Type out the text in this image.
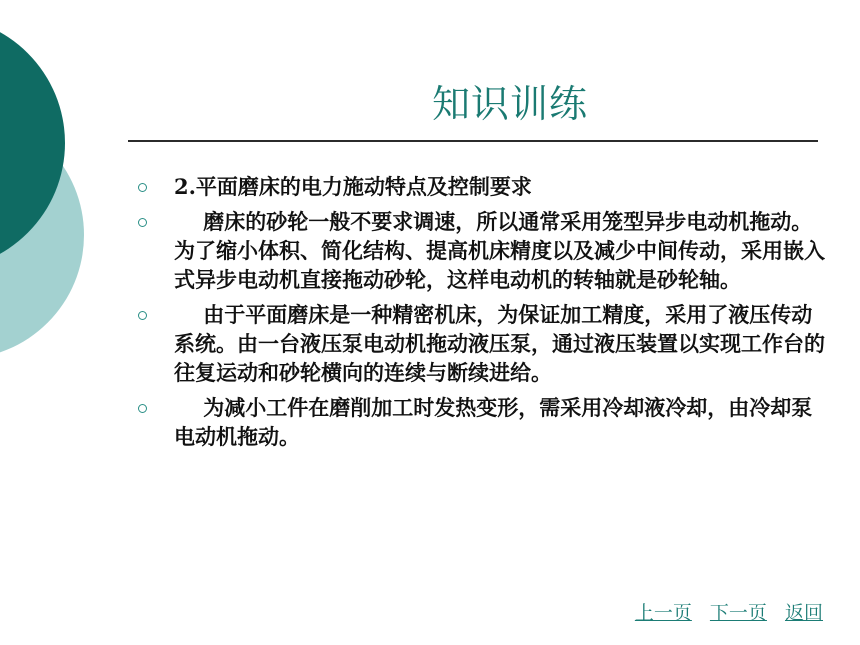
知识训练
2.平面磨床的电力施动特点及控制要求
磨床的砂轮一般不要求调速，所以通常采用笼型异步电动机拖动。为了缩小体积、简化结构、提高机床精度以及减少中间传动，采用嵌入式异步电动机直接拖动砂轮，这样电动机的转轴就是砂轮轴。
由于平面磨床是一种精密机床，为保证加工精度，采用了液压传动系统。由一台液压泵电动机拖动液压泵，通过液压装置以实现工作台的往复运动和砂轮横向的连续与断续进给。
为减小工件在磨削加工时发热变形，需采用冷却液冷却，由冷却泵电动机拖动。
上一页 下一页 返回
